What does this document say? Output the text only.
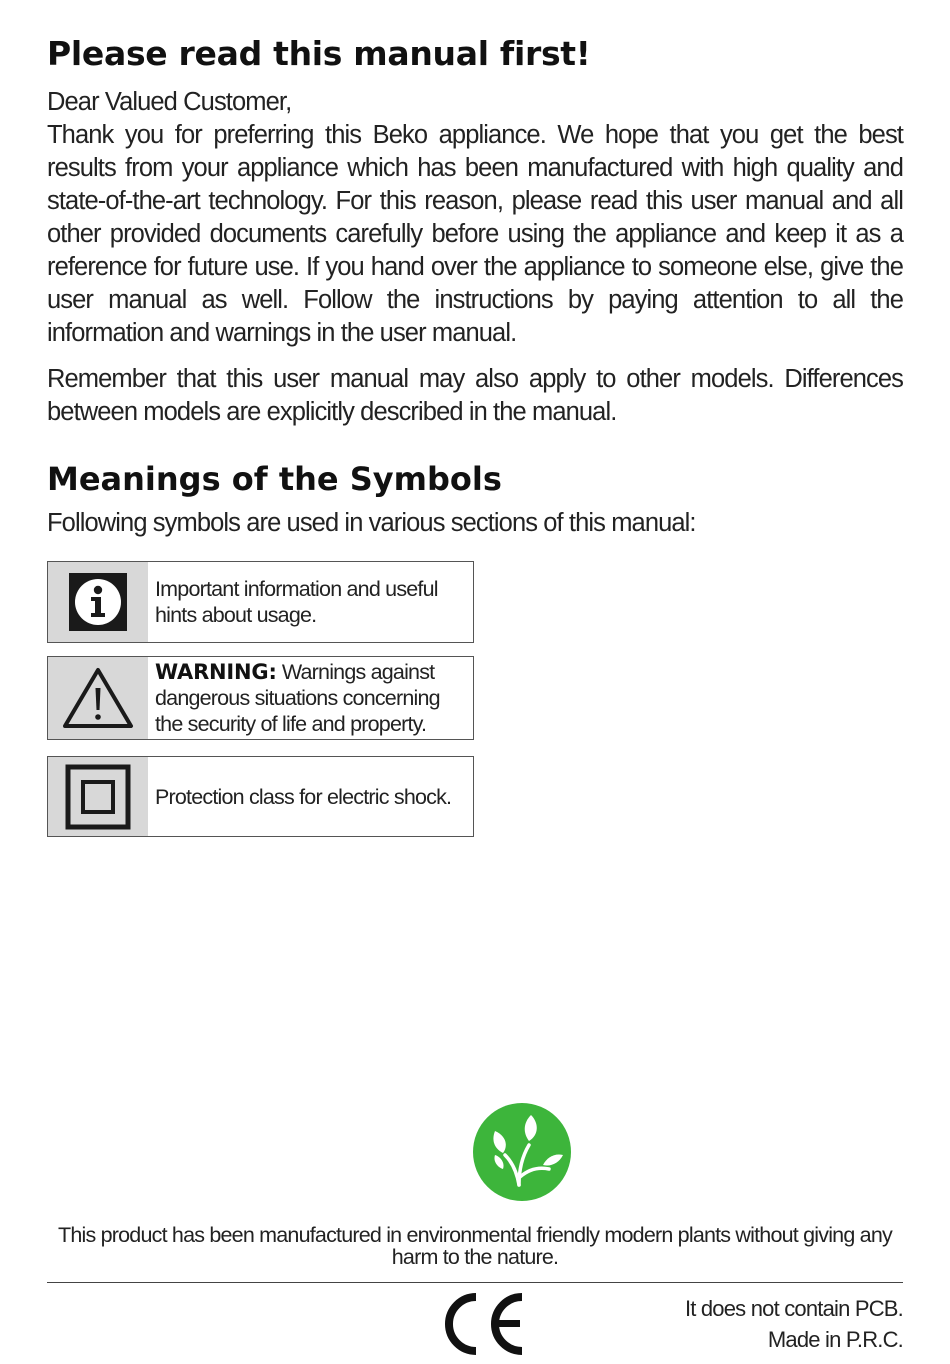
Please read this manual first!

Dear Valued Customer,

Thank you for preferring this Beko appliance. We hope that you get the best results from your appliance which has been manufactured with high quality and state-of-the-art technology. For this reason, please read this user manual and all other provided documents carefully before using the appliance and keep it as a reference for future use. If you hand over the appliance to someone else, give the user manual as well. Follow the instructions by paying attention to all the information and warnings in the user manual.

Remember that this user manual may also apply to other models. Differences between models are explicitly described in the manual.

Meanings of the Symbols
Following symbols are used in various sections of this manual:
Important information and useful hints about usage.
WARNING: Warnings against dangerous situations concerning the security of life and property.
Protection class for electric shock.
This product has been manufactured in environmental friendly modern plants without giving any harm to the nature.
It does not contain PCB.
Made in P.R.C.
